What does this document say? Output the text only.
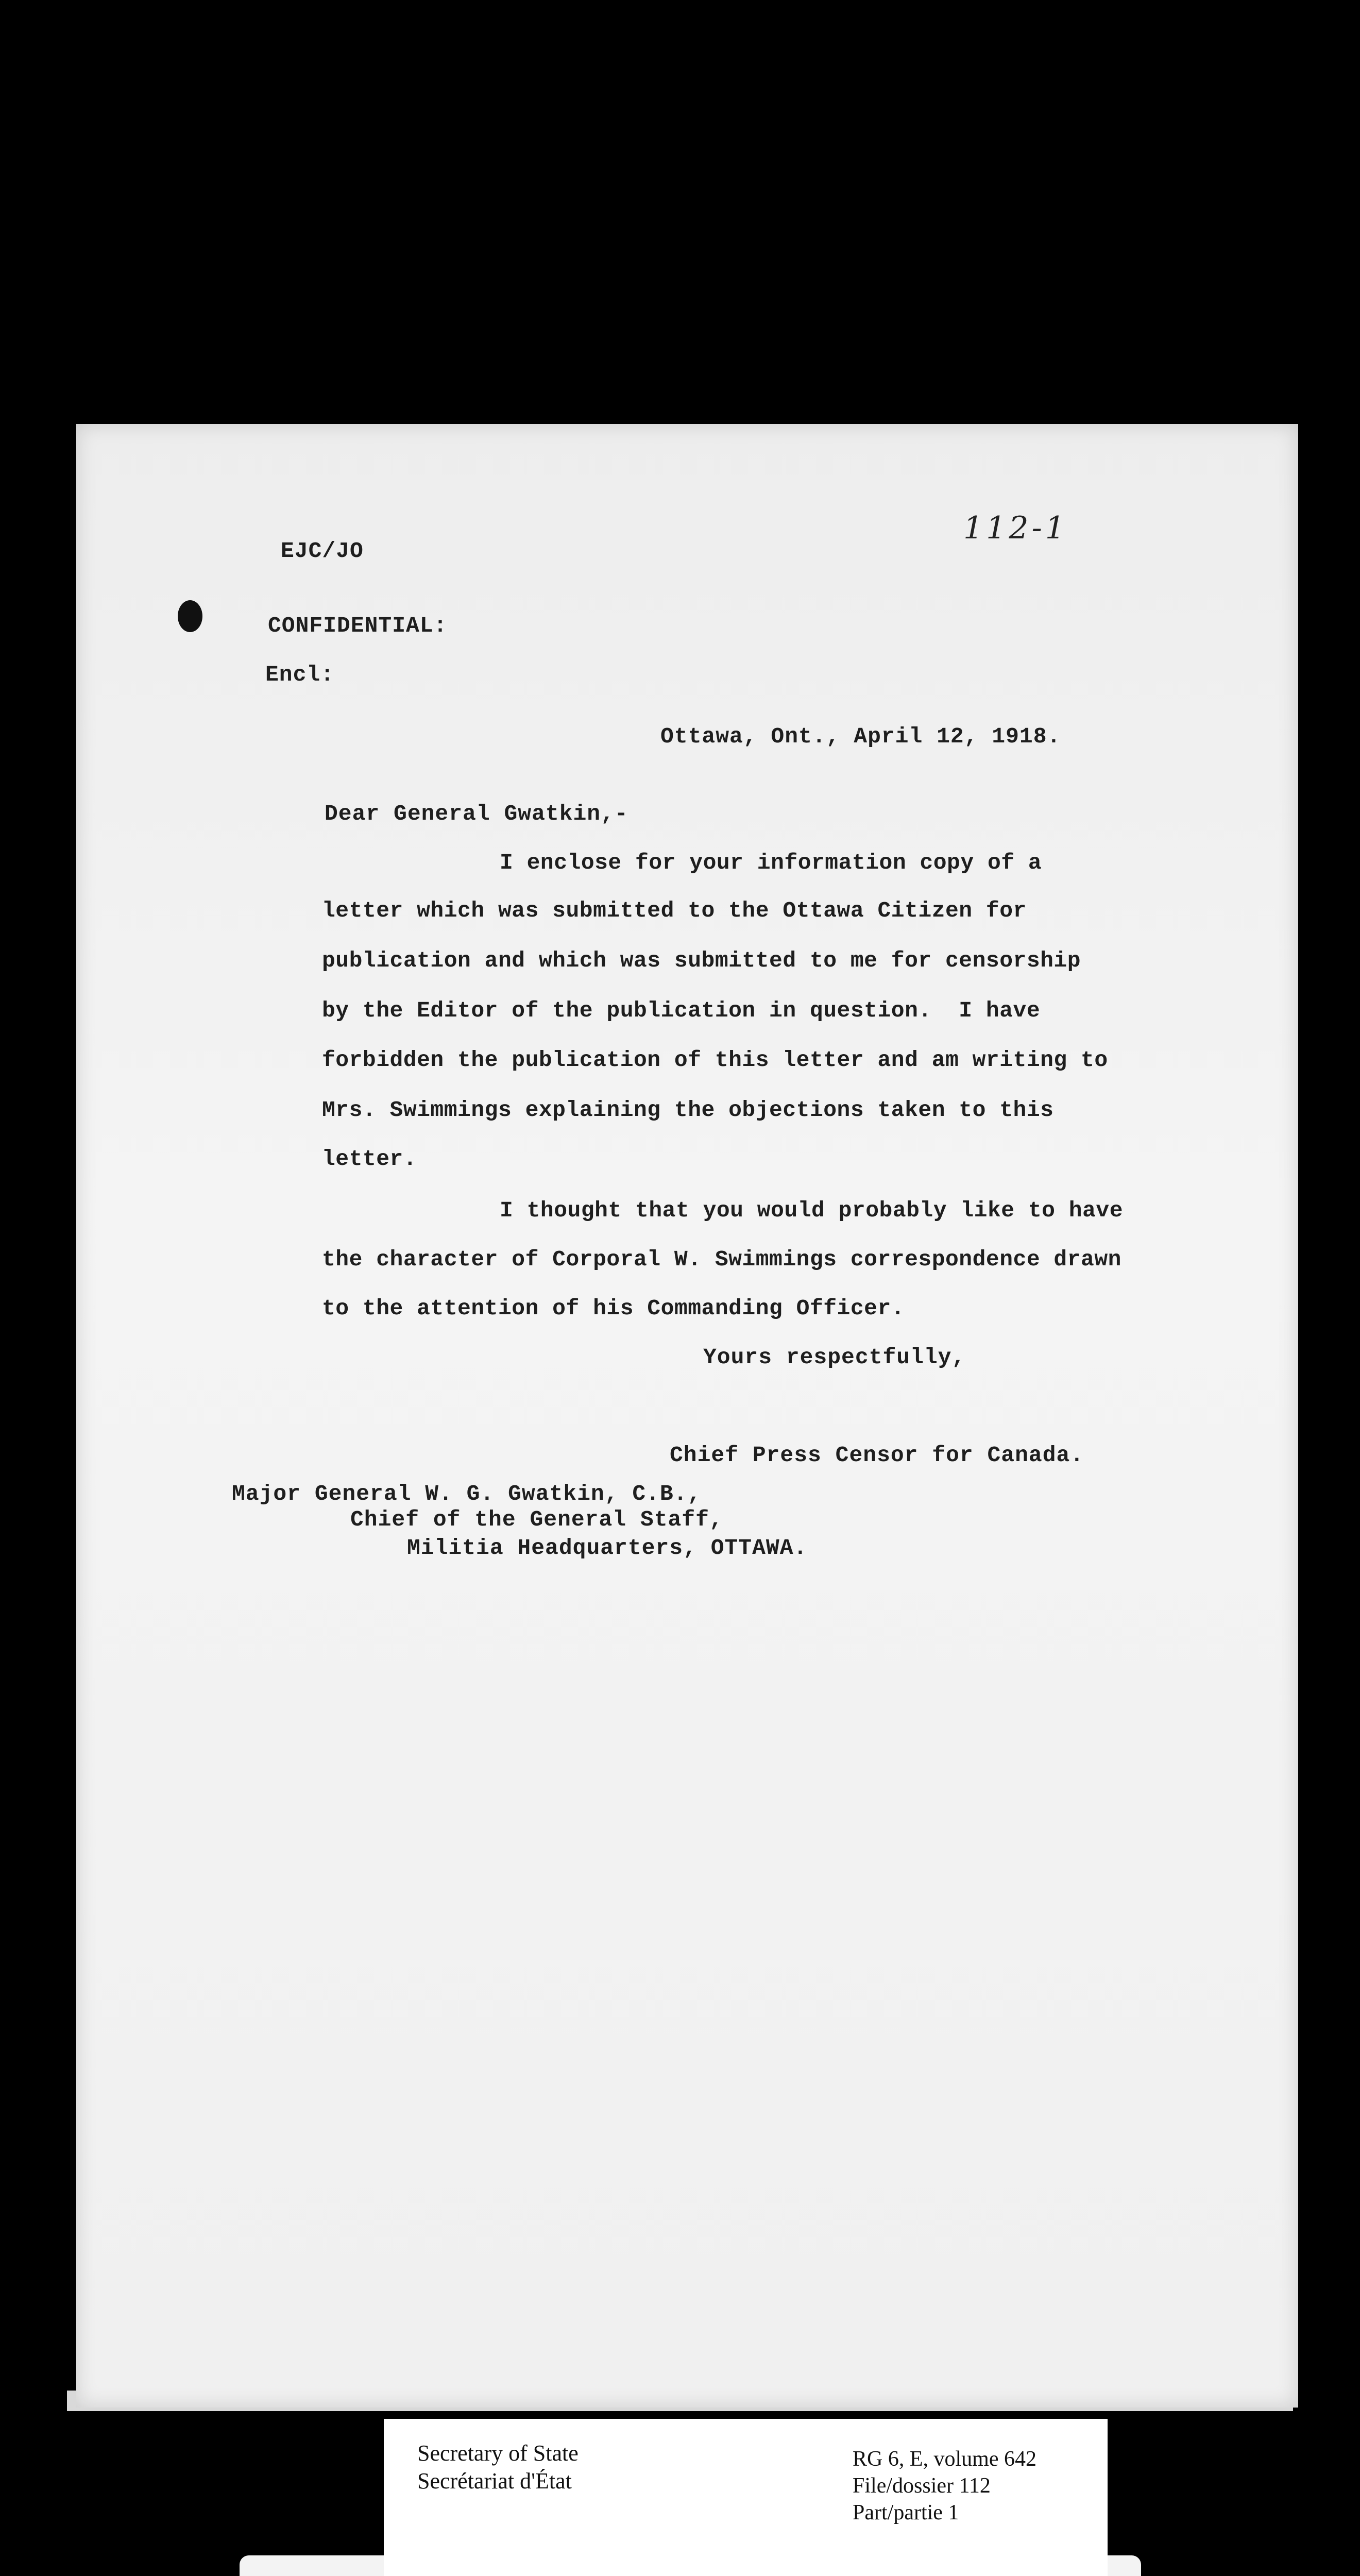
112-1
EJC/JO
CONFIDENTIAL:
Encl:
Ottawa, Ont., April 12, 1918.
Dear General Gwatkin,-
I enclose for your information copy of a
letter which was submitted to the Ottawa Citizen for
publication and which was submitted to me for censorship
by the Editor of the publication in question.  I have
forbidden the publication of this letter and am writing to
Mrs. Swimmings explaining the objections taken to this
letter.
I thought that you would probably like to have
the character of Corporal W. Swimmings correspondence drawn
to the attention of his Commanding Officer.
Yours respectfully,
Chief Press Censor for Canada.
Major General W. G. Gwatkin, C.B.,
Chief of the General Staff,
Militia Headquarters, OTTAWA.
Secretary of State
Secrétariat d'État
RG 6, E, volume 642
File/dossier 112
Part/partie 1
